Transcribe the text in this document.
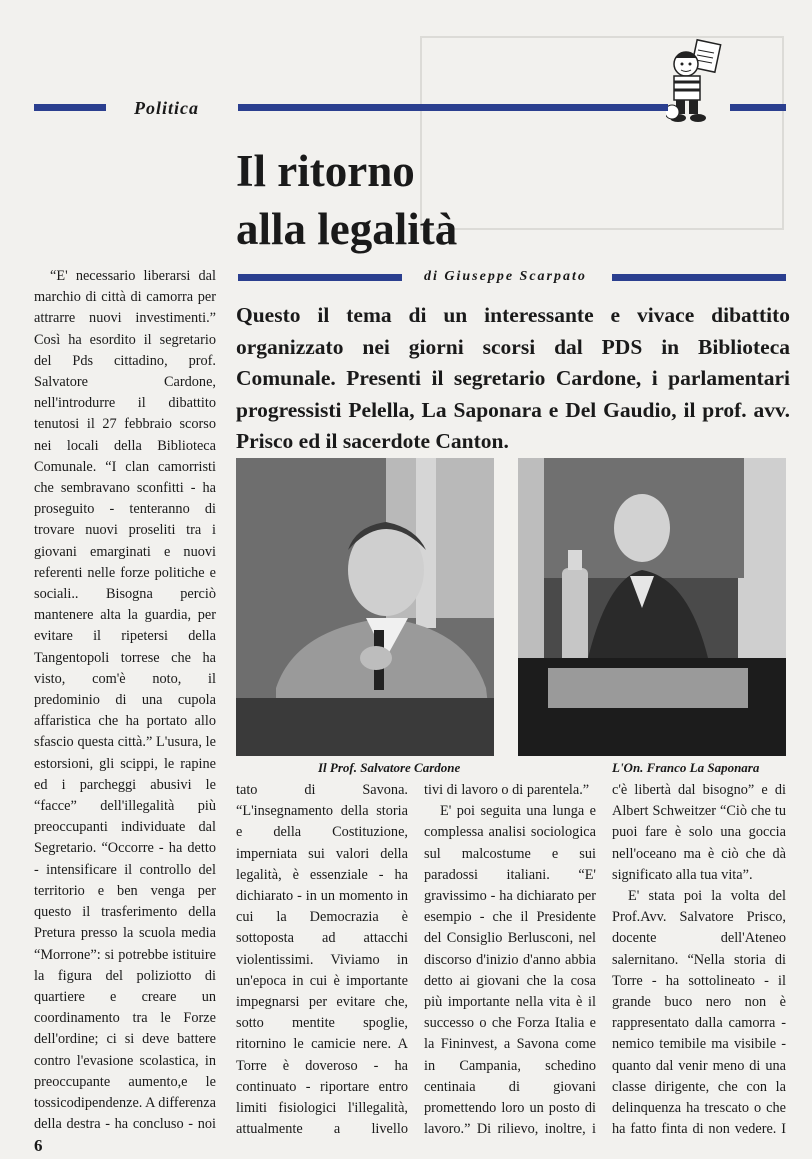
Politica
Il ritorno
alla legalità
di Giuseppe Scarpato
Questo il tema di un interessante e vivace dibattito organizzato nei giorni scorsi dal PDS in Biblioteca Comunale. Presenti il segretario Cardone, i parlamentari progressisti Pelella, La Saponara e Del Gaudio, il prof. avv. Prisco ed il sacerdote Canton.
Il Prof. Salvatore Cardone	L'On. Franco La Saponara

“E' necessario liberarsi dal marchio di città di camorra per attrarre nuovi investimenti.” Così ha esordito il segretario del Pds cittadino, prof. Salvatore Cardone, nell'introdurre il dibattito tenutosi il 27 febbraio scorso nei locali della Biblioteca Comunale. “I clan camorristi che sembravano sconfitti - ha proseguito - tenteranno di trovare nuovi proseliti tra i giovani emarginati e nuovi referenti nelle forze politiche e sociali.. Bisogna perciò mantenere alta la guardia, per evitare il ripetersi della Tangentopoli torrese che ha visto, com'è noto, il predominio di una cupola affaristica che ha portato allo sfascio questa città.” L'usura, le estorsioni, gli scippi, le rapine ed i parcheggi abusivi le “facce” dell'illegalità più preoccupanti individuate dal Segretario. “Occorre - ha detto - intensificare il controllo del territorio e ben venga per questo il trasferimento della Pretura presso la scuola media “Morrone”: si potrebbe istituire la figura del poliziotto di quartiere e creare un coordinamento tra le Forze dell'ordine; ci si deve battere contro l'evasione scolastica, in preoccupante aumento,e le tossicodipendenze. A differenza della destra - ha concluso - noi

tato di Savona. “L'insegnamento della storia e della Costituzione, imperniata sui valori della legalità, è essenziale - ha dichiarato - in un momento in cui la Democrazia è sottoposta ad attacchi violentissimi. Viviamo in un'epoca in cui è importante impegnarsi per evitare che, sotto mentite spoglie, ritornino le camicie nere. A Torre è doveroso - ha continuato - riportare entro limiti fisiologici l'illegalità, attualmente a livello

tivi di lavoro o di parentela.”

E' poi seguita una lunga e complessa analisi sociologica sul malcostume e sui paradossi italiani. “E' gravissimo - ha dichiarato per esempio - che il Presidente del Consiglio Berlusconi, nel discorso d'inizio d'anno abbia detto ai giovani che la cosa più importante nella vita è il successo o che Forza Italia e la Fininvest, a Savona come in Campania, schedino centinaia di giovani promettendo loro un posto di lavoro.” Di rilievo, inoltre, i

c'è libertà dal bisogno” e di Albert Schweitzer “Ciò che tu puoi fare è solo una goccia nell'oceano ma è ciò che dà significato alla tua vita”.

E' stata poi la volta del Prof.Avv. Salvatore Prisco, docente dell'Ateneo salernitano. “Nella storia di Torre - ha sottolineato - il grande buco nero non è rappresentato dalla camorra - nemico temibile ma visibile - quanto dal venir meno di una classe dirigente, che con la delinquenza ha trescato o che ha fatto finta di non vedere. I

6
